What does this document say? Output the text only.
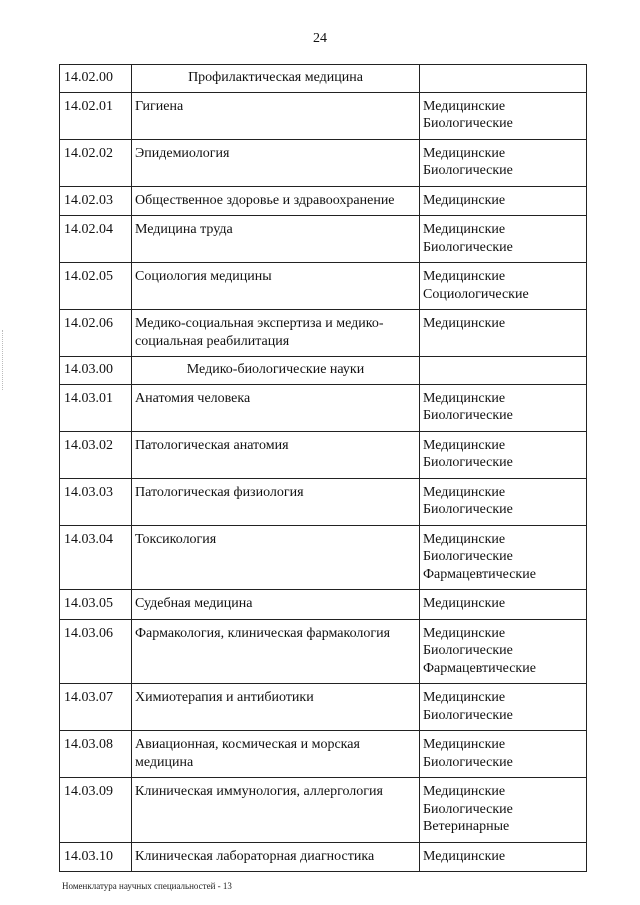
24
14.02.00	Профилактическая медицина	
14.02.01	Гигиена	Медицинские
Биологические

14.02.02	Эпидемиология	Медицинские
Биологические

14.02.03	Общественное здоровье и здравоохранение	Медицинские

14.02.04	Медицина труда	Медицинские
Биологические

14.02.05	Социология медицины	Медицинские
Социологические

14.02.06	Медико-социальная экспертиза и медико-социальная реабилитация	Медицинские

14.03.00	Медико-биологические науки	
14.03.01	Анатомия человека	Медицинские
Биологические

14.03.02	Патологическая анатомия	Медицинские
Биологические

14.03.03	Патологическая физиология	Медицинские
Биологические

14.03.04	Токсикология	Медицинские
Биологические
Фармацевтические

14.03.05	Судебная медицина	Медицинские

14.03.06	Фармакология, клиническая фармакология	Медицинские
Биологические
Фармацевтические

14.03.07	Химиотерапия и антибиотики	Медицинские
Биологические

14.03.08	Авиационная, космическая и морская медицина	Медицинские
Биологические

14.03.09	Клиническая иммунология, аллергология	Медицинские
Биологические
Ветеринарные

14.03.10	Клиническая лабораторная диагностика	Медицинские
Номенклатура научных специальностей - 13
